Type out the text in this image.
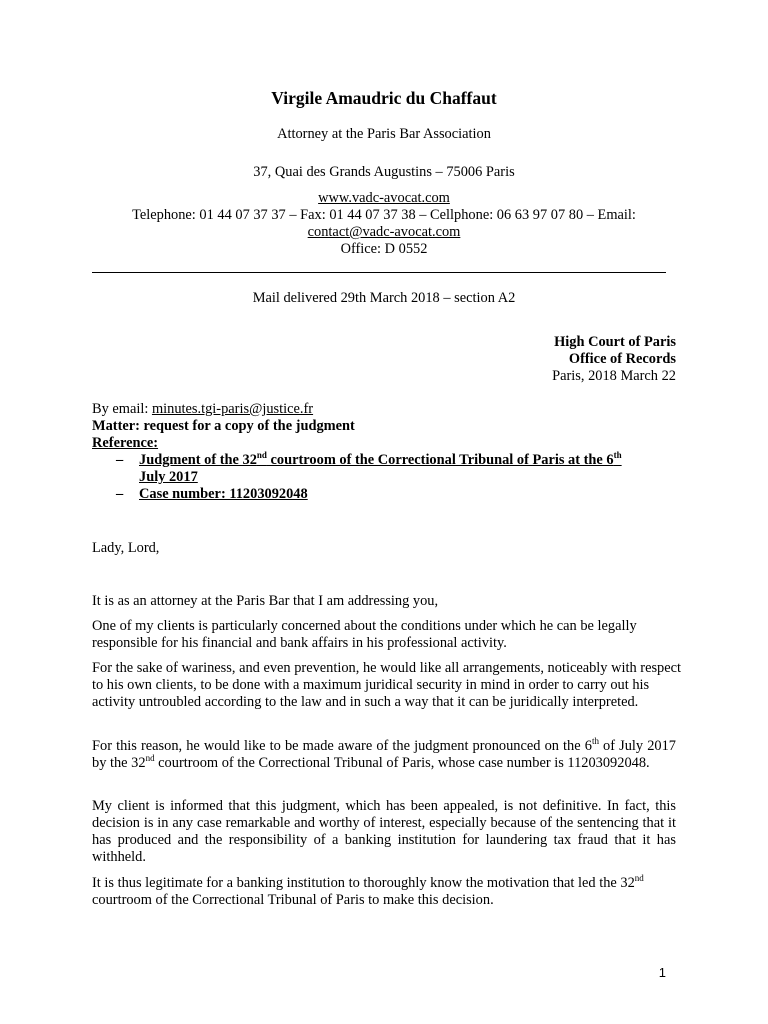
Virgile Amaudric du Chaffaut
Attorney at the Paris Bar Association
37, Quai des Grands Augustins – 75006 Paris
www.vadc-avocat.com
Telephone: 01 44 07 37 37 – Fax: 01 44 07 37 38 – Cellphone: 06 63 97 07 80 – Email:
contact@vadc-avocat.com
Office: D 0552
Mail delivered 29th March 2018 – section A2
High Court of Paris
Office of Records
Paris, 2018 March 22
By email: minutes.tgi-paris@justice.fr
Matter: request for a copy of the judgment
Reference:
– Judgment of the 32nd courtroom of the Correctional Tribunal of Paris at the 6th
July 2017
– Case number: 11203092048
Lady, Lord,
It is as an attorney at the Paris Bar that I am addressing you,
One of my clients is particularly concerned about the conditions under which he can be legally responsible for his financial and bank affairs in his professional activity.
For the sake of wariness, and even prevention, he would like all arrangements, noticeably with respect to his own clients, to be done with a maximum juridical security in mind in order to carry out his activity untroubled according to the law and in such a way that it can be juridically interpreted.
For this reason, he would like to be made aware of the judgment pronounced on the 6th of July 2017 by the 32nd courtroom of the Correctional Tribunal of Paris, whose case number is 11203092048.
My client is informed that this judgment, which has been appealed, is not definitive. In fact, this decision is in any case remarkable and worthy of interest, especially because of the sentencing that it has produced and the responsibility of a banking institution for laundering tax fraud that it has withheld.
It is thus legitimate for a banking institution to thoroughly know the motivation that led the 32nd courtroom of the Correctional Tribunal of Paris to make this decision.
1
